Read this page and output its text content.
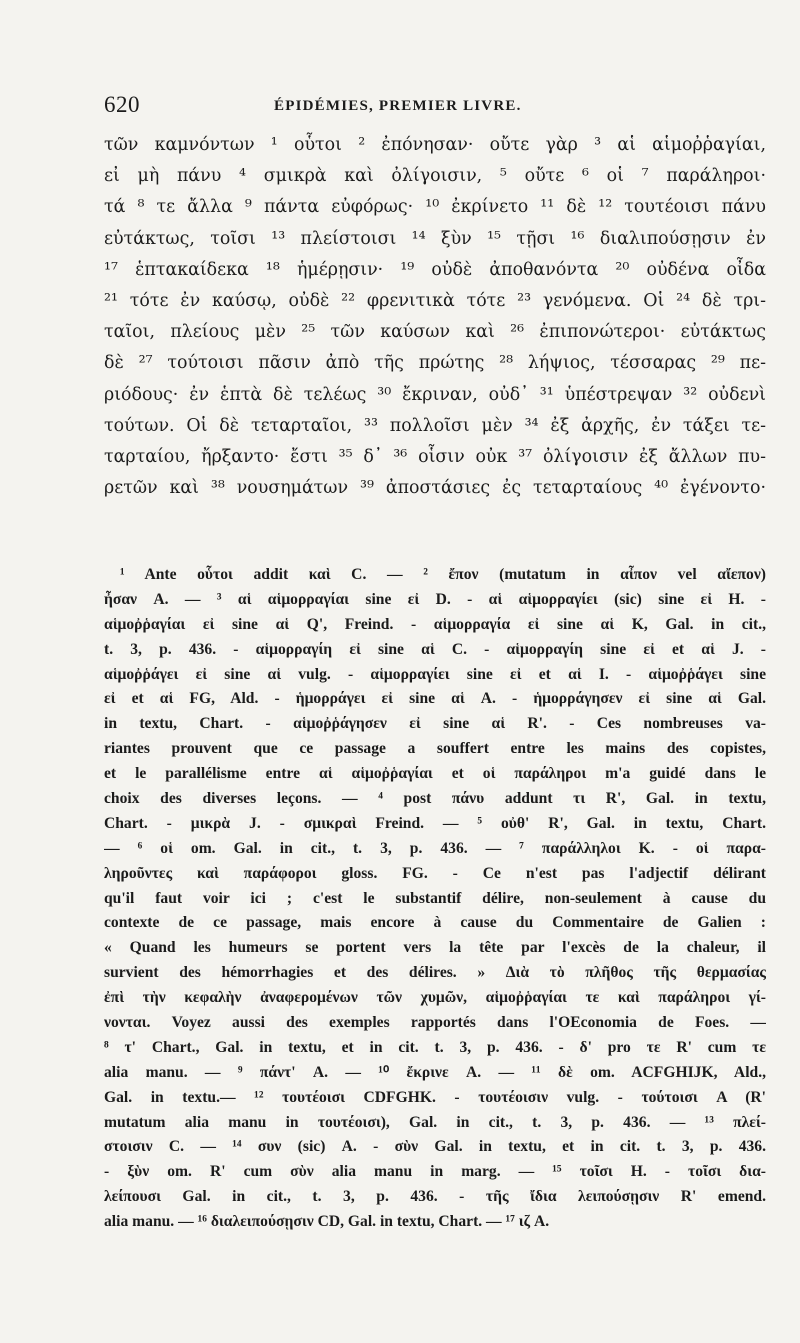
620	ÉPIDÉMIES, PREMIER LIVRE.
τῶν καμνόντων ¹ οὗτοι ² ἐπόνησαν· οὔτε γὰρ ³ αἱ αἱμοῤῥαγίαι,
εἰ μὴ πάνυ ⁴ σμικρὰ καὶ ὀλίγοισιν, ⁵ οὔτε ⁶ οἱ ⁷ παράληροι·
τά ⁸ τε ἄλλα ⁹ πάντα εὐφόρως· ¹⁰ ἐκρίνετο ¹¹ δὲ ¹² τουτέοισι πάνυ
εὐτάκτως, τοῖσι ¹³ πλείστοισι ¹⁴ ξὺν ¹⁵ τῇσι ¹⁶ διαλιπούσῃσιν ἐν
¹⁷ ἑπτακαίδεκα ¹⁸ ἡμέρῃσιν· ¹⁹ οὐδὲ ἀποθανόντα ²⁰ οὐδένα οἶδα
²¹ τότε ἐν καύσῳ, οὐδὲ ²² φρενιτικὰ τότε ²³ γενόμενα. Οἱ ²⁴ δὲ τρι-
ταῖοι, πλείους μὲν ²⁵ τῶν καύσων καὶ ²⁶ ἐπιπονώτεροι· εὐτάκτως
δὲ ²⁷ τούτοισι πᾶσιν ἀπὸ τῆς πρώτης ²⁸ λήψιος, τέσσαρας ²⁹ πε-
ριόδους· ἐν ἑπτὰ δὲ τελέως ³⁰ ἔκριναν, οὐδ᾽ ³¹ ὑπέστρεψαν ³² οὐδενὶ
τούτων. Οἱ δὲ τεταρταῖοι, ³³ πολλοῖσι μὲν ³⁴ ἐξ ἀρχῆς, ἐν τάξει τε-
ταρταίου, ἤρξαντο· ἔστι ³⁵ δ᾽ ³⁶ οἷσιν οὐκ ³⁷ ὀλίγοισιν ἐξ ἄλλων πυ-
ρετῶν καὶ ³⁸ νουσημάτων ³⁹ ἀποστάσιες ἐς τεταρταίους ⁴⁰ ἐγένοντο·
¹ Ante οὗτοι addit καὶ C. — ² ἔπον (mutatum in αἶπον vel αἴεπον)
ἦσαν A. — ³ αἱ αἱμορραγίαι sine εἰ D. - αἱ αἱμορραγίει (sic) sine εἰ H. -
αἱμοῤῥαγίαι εἰ sine αἱ Q', Freind. - αἱμορραγία εἰ sine αἱ K, Gal. in cit.,
t. 3, p. 436. - αἱμορραγίη εἰ sine αἱ C. - αἱμορραγίη sine εἰ et αἱ J. -
αἱμοῤῥάγει εἰ sine αἱ vulg. - αἱμορραγίει sine εἰ et αἱ I. - αἱμοῤῥάγει sine
εἰ et αἱ FG, Ald. - ἡμορράγει εἰ sine αἱ A. - ἡμορράγησεν εἰ sine αἱ Gal.
in textu, Chart. - αἱμοῤῥάγησεν εἰ sine αἱ R'. - Ces nombreuses va-
riantes prouvent que ce passage a souffert entre les mains des copistes,
et le parallélisme entre αἱ αἱμοῤῥαγίαι et οἱ παράληροι m'a guidé dans le
choix des diverses leçons. — ⁴ post πάνυ addunt τι R', Gal. in textu,
Chart. - μικρὰ J. - σμικραὶ Freind. — ⁵ οὐθ' R', Gal. in textu, Chart.
— ⁶ οἱ om. Gal. in cit., t. 3, p. 436. — ⁷ παράλληλοι K. - οἱ παρα-
ληροῦντες καὶ παράφοροι gloss. FG. - Ce n'est pas l'adjectif délirant
qu'il faut voir ici ; c'est le substantif délire, non-seulement à cause du
contexte de ce passage, mais encore à cause du Commentaire de Galien :
« Quand les humeurs se portent vers la tête par l'excès de la chaleur, il
survient des hémorrhagies et des délires. » Διὰ τὸ πλῆθος τῆς θερμασίας
ἐπὶ τὴν κεφαλὴν ἀναφερομένων τῶν χυμῶν, αἱμοῤῥαγίαι τε καὶ παράληροι γί-
νονται. Voyez aussi des exemples rapportés dans l'OEconomia de Foes. —
⁸ τ' Chart., Gal. in textu, et in cit. t. 3, p. 436. - δ' pro τε R' cum τε
alia manu. — ⁹ πάντ' A. — ¹⁰ ἔκρινε A. — ¹¹ δὲ om. ACFGHIJK, Ald.,
Gal. in textu.— ¹² τουτέοισι CDFGHK. - τουτέοισιν vulg. - τούτοισι A (R'
mutatum alia manu in τουτέοισι), Gal. in cit., t. 3, p. 436. — ¹³ πλεί-
στοισιν C. — ¹⁴ συν (sic) A. - σὺν Gal. in textu, et in cit. t. 3, p. 436.
- ξὺν om. R' cum σὺν alia manu in marg. — ¹⁵ τοῖσι H. - τοῖσι δια-
λείπουσι Gal. in cit., t. 3, p. 436. - τῆς ἴδια λειπούσῃσιν R' emend.
alia manu. — ¹⁶ διαλειπούσῃσιν CD, Gal. in textu, Chart. — ¹⁷ ιζ A.
